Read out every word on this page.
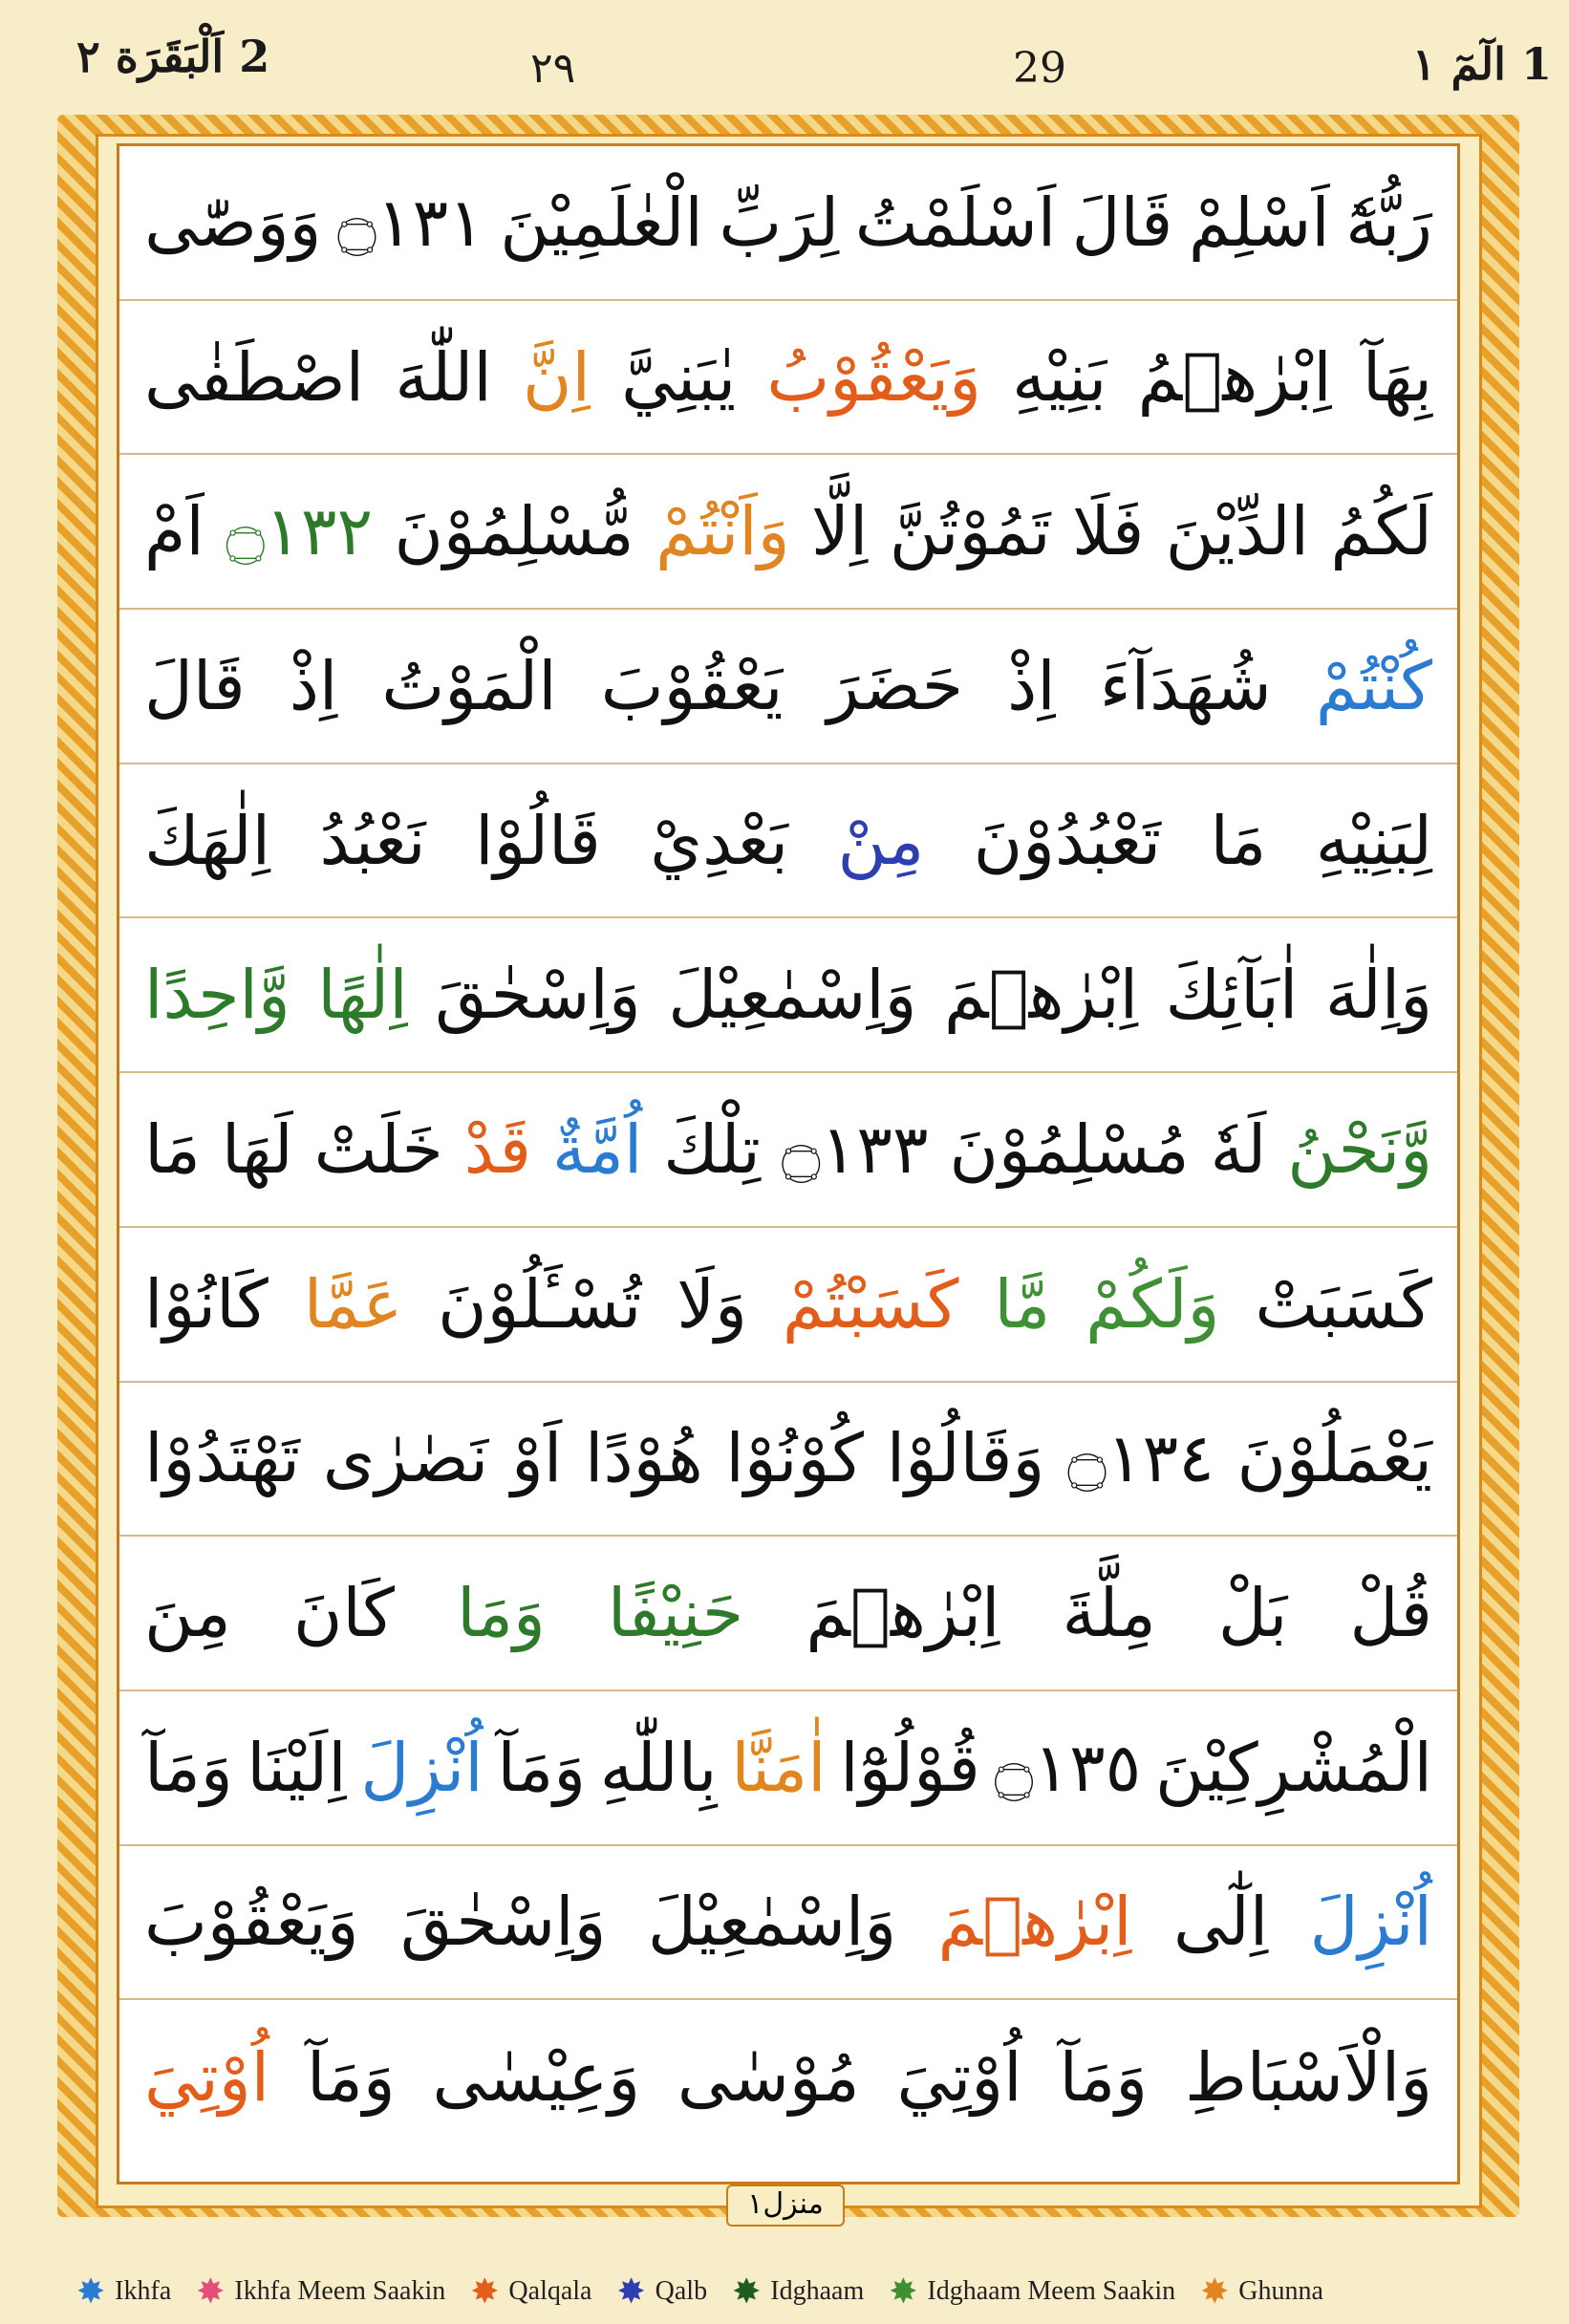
1 الٓمٓ ١
29
٢٩
2 اَلْبَقَرَة ٢
رَبُّهٗٓ
اَسْلِمْ
قَالَ
اَسْلَمْتُ
لِرَبِّ
الْعٰلَمِيْنَ
۝١٣١
وَوَصّٰى
بِهَآ
اِبْرٰهٖمُ
بَنِيْهِ
وَيَعْقُوْبُ
يٰبَنِيَّ
اِنَّ
اللّٰهَ
اصْطَفٰى
لَكُمُ
الدِّيْنَ
فَلَا
تَمُوْتُنَّ
اِلَّا
وَاَنْتُمْ
مُّسْلِمُوْنَ
۝١٣٢
اَمْ
كُنْتُمْ
شُهَدَآءَ
اِذْ
حَضَرَ
يَعْقُوْبَ
الْمَوْتُ
اِذْ
قَالَ
لِبَنِيْهِ
مَا
تَعْبُدُوْنَ
مِنْ
بَعْدِيْ
قَالُوْا
نَعْبُدُ
اِلٰهَكَ
وَاِلٰهَ
اٰبَآئِكَ
اِبْرٰهٖمَ
وَاِسْمٰعِيْلَ
وَاِسْحٰقَ
اِلٰهًا
وَّاحِدًا
وَّنَحْنُ
لَهٗ
مُسْلِمُوْنَ
۝١٣٣
تِلْكَ
اُمَّةٌ
قَدْ
خَلَتْ
لَهَا
مَا
كَسَبَتْ
وَلَكُمْ
مَّا
كَسَبْتُمْ
وَلَا
تُسْـَٔلُوْنَ
عَمَّا
كَانُوْا
يَعْمَلُوْنَ
۝١٣٤
وَقَالُوْا
كُوْنُوْا
هُوْدًا
اَوْ
نَصٰرٰى
تَهْتَدُوْا
قُلْ
بَلْ
مِلَّةَ
اِبْرٰهٖمَ
حَنِيْفًا
وَمَا
كَانَ
مِنَ
الْمُشْرِكِيْنَ
۝١٣٥
قُوْلُوْٓا
اٰمَنَّا
بِاللّٰهِ
وَمَآ
اُنْزِلَ
اِلَيْنَا
وَمَآ
اُنْزِلَ
اِلٰٓى
اِبْرٰهٖمَ
وَاِسْمٰعِيْلَ
وَاِسْحٰقَ
وَيَعْقُوْبَ
وَالْاَسْبَاطِ
وَمَآ
اُوْتِيَ
مُوْسٰى
وَعِيْسٰى
وَمَآ
اُوْتِيَ
منزل١
✸ Ikhfa ✸ Ikhfa Meem Saakin ✸ Qalqala ✸ Qalb ✸ Idghaam ✸ Idghaam Meem Saakin ✸ Ghunna
